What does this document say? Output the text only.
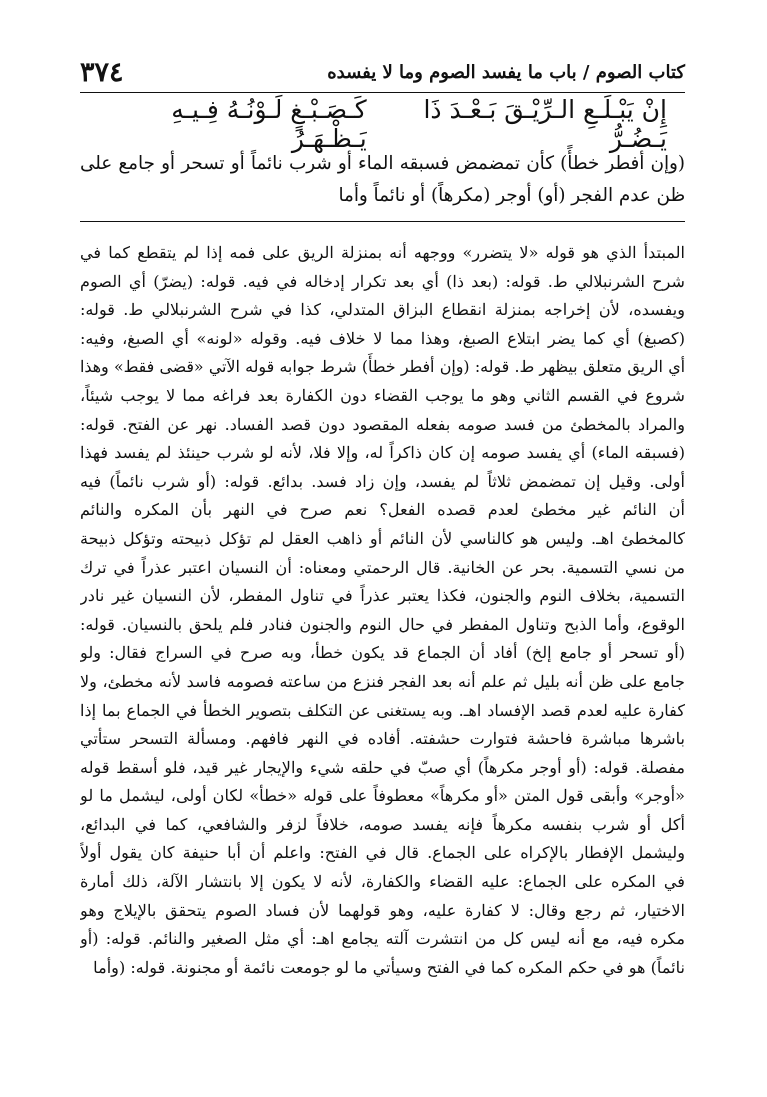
٣٧٤	كتاب الصوم / باب ما يفسد الصوم وما لا يفسده
إِنْ يَبْـلَـعِ الـرِّيْـقَ بَـعْـدَ ذَا يَـضُـرُّ
كَـصَـبْـغٍ لَـوْنُـهُ فِـيـهِ يَـظْـهَـرُ

(وإن أفطر خطأً) كأن تمضمض فسبقه الماء أو شرب نائماً أو تسحر أو جامع على

ظن عدم الفجر (أو) أوجر (مكرهاً) أو نائماً وأما

المبتدأ الذي هو قوله «لا يتضرر» ووجهه أنه بمنزلة الريق على فمه إذا لم يتقطع كما في

شرح الشرنبلالي ط. قوله: (بعد ذا) أي بعد تكرار إدخاله في فيه. قوله: (يضرّ) أي الصوم

ويفسده، لأن إخراجه بمنزلة انقطاع البزاق المتدلي، كذا في شرح الشرنبلالي ط. قوله:

(كصبغ) أي كما يضر ابتلاع الصبغ، وهذا مما لا خلاف فيه. وقوله «لونه» أي الصبغ، وفيه:

أي الريق متعلق بيظهر ط. قوله: (وإن أفطر خطأً) شرط جوابه قوله الآتي «قضى فقط» وهذا

شروع في القسم الثاني وهو ما يوجب القضاء دون الكفارة بعد فراغه مما لا يوجب شيئاً،

والمراد بالمخطئ من فسد صومه بفعله المقصود دون قصد الفساد. نهر عن الفتح. قوله:

(فسبقه الماء) أي يفسد صومه إن كان ذاكراً له، وإلا فلا، لأنه لو شرب حينئذ لم يفسد فهذا

أولى. وقيل إن تمضمض ثلاثاً لم يفسد، وإن زاد فسد. بدائع. قوله: (أو شرب نائماً) فيه

أن النائم غير مخطئ لعدم قصده الفعل؟ نعم صرح في النهر بأن المكره والنائم

كالمخطئ اهـ. وليس هو كالناسي لأن النائم أو ذاهب العقل لم تؤكل ذبيحته وتؤكل ذبيحة

من نسي التسمية. بحر عن الخانية. قال الرحمتي ومعناه: أن النسيان اعتبر عذراً في ترك

التسمية، بخلاف النوم والجنون، فكذا يعتبر عذراً في تناول المفطر، لأن النسيان غير نادر

الوقوع، وأما الذبح وتناول المفطر في حال النوم والجنون فنادر فلم يلحق بالنسيان. قوله:

(أو تسحر أو جامع إلخ) أفاد أن الجماع قد يكون خطأ، وبه صرح في السراج فقال: ولو

جامع على ظن أنه بليل ثم علم أنه بعد الفجر فنزع من ساعته فصومه فاسد لأنه مخطئ، ولا

كفارة عليه لعدم قصد الإفساد اهـ. وبه يستغنى عن التكلف بتصوير الخطأ في الجماع بما إذا

باشرها مباشرة فاحشة فتوارت حشفته. أفاده في النهر فافهم. ومسألة التسحر ستأتي

مفصلة. قوله: (أو أوجر مكرهاً) أي صبّ في حلقه شيء والإيجار غير قيد، فلو أسقط قوله

«أوجر» وأبقى قول المتن «أو مكرهاً» معطوفاً على قوله «خطأ» لكان أولى، ليشمل ما لو

أكل أو شرب بنفسه مكرهاً فإنه يفسد صومه، خلافاً لزفر والشافعي، كما في البدائع،

وليشمل الإفطار بالإكراه على الجماع. قال في الفتح: واعلم أن أبا حنيفة كان يقول أولاً

في المكره على الجماع: عليه القضاء والكفارة، لأنه لا يكون إلا بانتشار الآلة، ذلك أمارة

الاختيار، ثم رجع وقال: لا كفارة عليه، وهو قولهما لأن فساد الصوم يتحقق بالإيلاج وهو

مكره فيه، مع أنه ليس كل من انتشرت آلته يجامع اهـ: أي مثل الصغير والنائم. قوله: (أو

نائماً) هو في حكم المكره كما في الفتح وسيأتي ما لو جومعت نائمة أو مجنونة. قوله: (وأما
